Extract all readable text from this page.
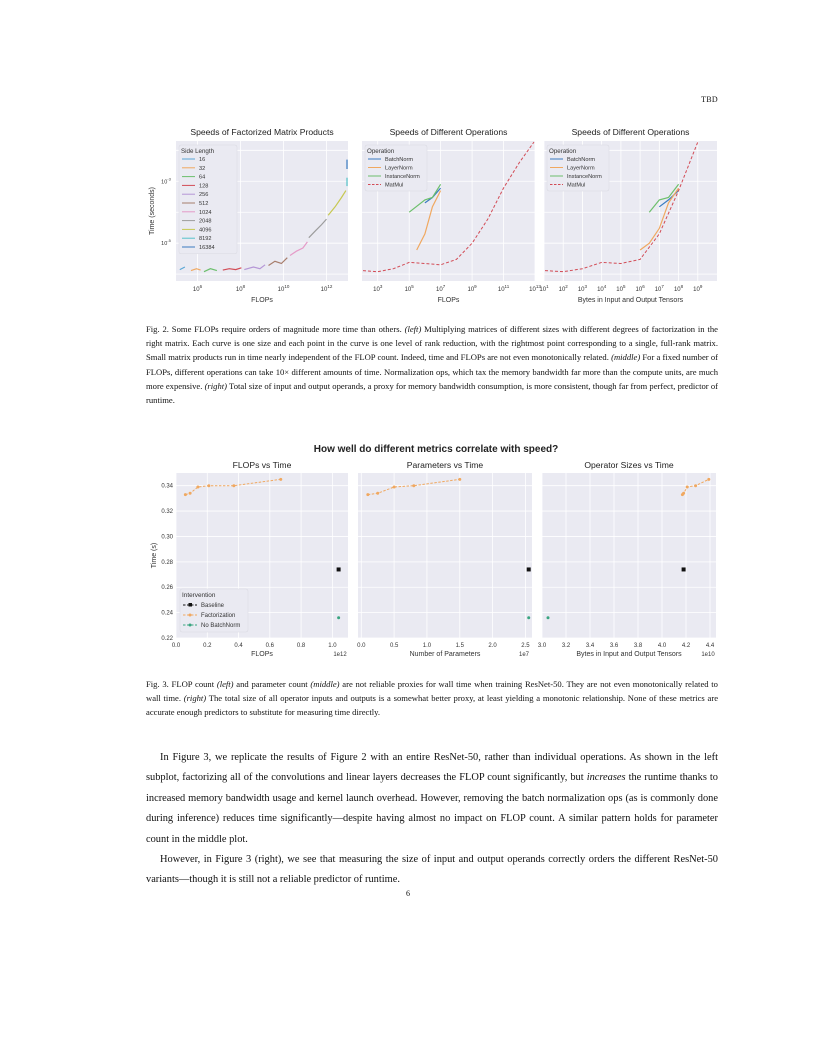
TBD
$10^6$
$10^8$
$10^{10}$
$10^{12}$
$10^{-5}$
$10^{-3}$
Speeds of Factorized Matrix Products
FLOPs
Time (seconds)
Side Length
16
32
64
128
256
512
1024
2048
4096
8192
16384
$10^3$
$10^5$
$10^7$
$10^9$
$10^{11}$
$10^{13}$
Speeds of Different Operations
FLOPs
Operation
BatchNorm
LayerNorm
InstanceNorm
MatMul
$10^1$
$10^2$
$10^3$
$10^4$
$10^5$
$10^6$
$10^7$
$10^8$
$10^9$
Speeds of Different Operations
Bytes in Input and Output Tensors
Operation
BatchNorm
LayerNorm
InstanceNorm
MatMul
Fig. 2. Some FLOPs require orders of magnitude more time than others. (left) Multiplying matrices of different sizes with different degrees of factorization in the right matrix. Each curve is one size and each point in the curve is one level of rank reduction, with the rightmost point corresponding to a single, full-rank matrix. Small matrix products run in time nearly independent of the FLOP count. Indeed, time and FLOPs are not even monotonically related. (middle) For a fixed number of FLOPs, different operations can take 10× different amounts of time. Normalization ops, which tax the memory bandwidth far more than the compute units, are much more expensive. (right) Total size of input and output operands, a proxy for memory bandwidth consumption, is more consistent, though far from perfect, predictor of runtime.
How well do different metrics correlate with speed?
0.0	0.2	0.4	0.6	0.8	1.0
0.22
0.24
0.26
0.28
0.30
0.32
0.34
FLOPs vs Time
FLOPs	1e12
Time (s)
Intervention
Baseline
Factorization
No BatchNorm
0.0	0.5	1.0	1.5	2.0	2.5
Parameters vs Time
Number of Parameters	1e7
3.0	3.2	3.4	3.6	3.8	4.0	4.2	4.4
Operator Sizes vs Time
Bytes in Input and Output Tensors	1e10
Fig. 3. FLOP count (left) and parameter count (middle) are not reliable proxies for wall time when training ResNet-50. They are not even monotonically related to wall time. (right) The total size of all operator inputs and outputs is a somewhat better proxy, at least yielding a monotonic relationship. None of these metrics are accurate enough predictors to substitute for measuring time directly.

In Figure 3, we replicate the results of Figure 2 with an entire ResNet-50, rather than individual operations. As shown in the left subplot, factorizing all of the convolutions and linear layers decreases the FLOP count significantly, but increases the runtime thanks to increased memory bandwidth usage and kernel launch overhead. However, removing the batch normalization ops (as is commonly done during inference) reduces time significantly—despite having almost no impact on FLOP count. A similar pattern holds for parameter count in the middle plot.

However, in Figure 3 (right), we see that measuring the size of input and output operands correctly orders the different ResNet-50 variants—though it is still not a reliable predictor of runtime.

6
